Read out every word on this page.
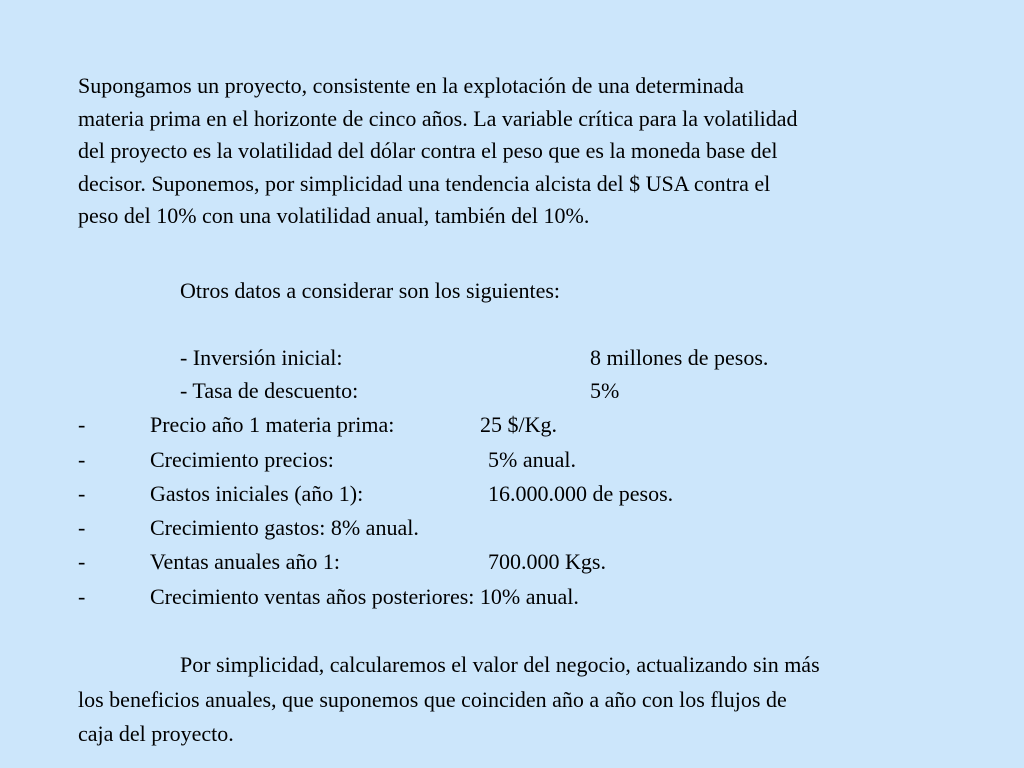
Supongamos un proyecto, consistente en la explotación de una determinada
materia prima en el horizonte de cinco años. La variable crítica para la volatilidad
del proyecto es la volatilidad del dólar contra el peso que es la moneda base del
decisor. Suponemos, por simplicidad una tendencia alcista del $ USA contra el
peso del 10% con una volatilidad anual, también del 10%.
Otros datos a considerar son los siguientes:
- Inversión inicial:	8 millones de pesos.
- Tasa de descuento:	5%
-	Precio año 1 materia prima:	25 $/Kg.
-	Crecimiento precios:	5% anual.
-	Gastos iniciales (año 1):	16.000.000 de pesos.
-	Crecimiento gastos: 8% anual.
-	Ventas anuales año 1:	700.000 Kgs.
-	Crecimiento ventas años posteriores: 10% anual.
Por simplicidad, calcularemos el valor del negocio, actualizando sin más
los beneficios anuales, que suponemos que coinciden año a año con los flujos de
caja del proyecto.
